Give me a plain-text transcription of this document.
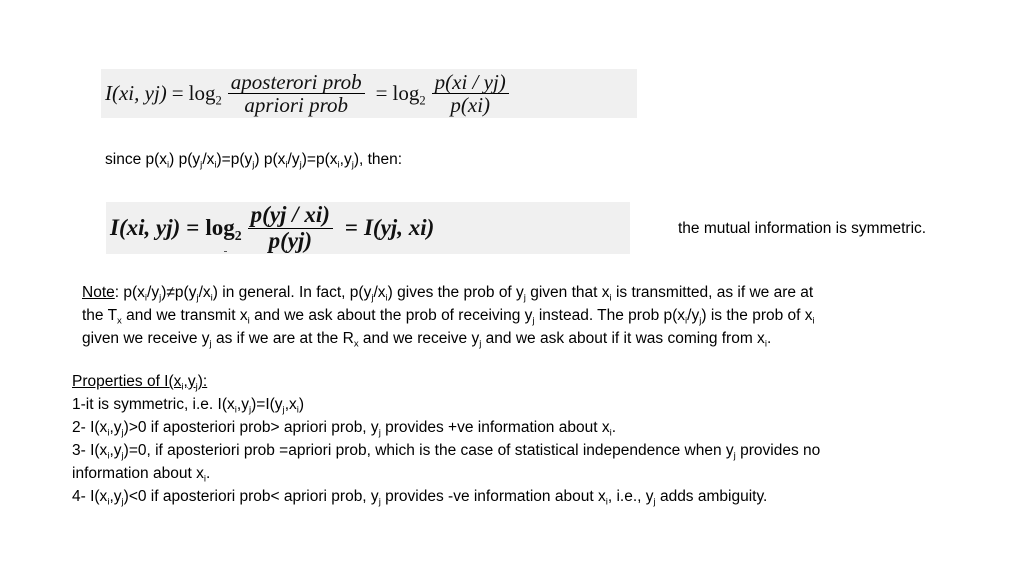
I(xi, $yj) = \log_2 \frac{\text{aposterori prob}}{\text{apriori prob}} = \log_2 \frac{p(xi / yj)}{p(xi)}$
since $p(x_i)$ $p(y_j/x_i)=p(y_j)$ $p(x_i/y_j)=p(x_i,y_j)$, then:
I(xi, $yj) = \log_2 \frac{p(yj / xi)}{p(yj)} = I(yj$, xi)	the mutual information is symmetric.
Note: $p(x_i/y_j)\ne p(y_j/x_i)$ in general. In fact, $p(y_j/x_i)$ gives the prob of $y_j$ given that $x_i$ is transmitted, as if we are at
the $T_x$ and we transmit $x_i$ and we ask about the prob of receiving $y_j$ instead. The prob $p(x_i/y_j)$ is the prob of $x_i$
given we receive $y_j$ as if we are at the $R_x$ and we receive $y_j$ and we ask about if it was coming from $x_i$.
Properties of $I(x_i,y_j)$:
1-it is symmetric, i.e. $I(x_i,y_j)=I(y_j,x_i)$
2- $I(x_i,y_j)>0$ if aposteriori prob> apriori prob, $y_j$ provides +ve information about $x_i$.
3- $I(x_i,y_j)=0$, if aposteriori prob =apriori prob, which is the case of statistical independence when $y_j$ provides no
information about $x_i$.
4- $I(x_i,y_j)<0$ if aposteriori prob< apriori prob, $y_j$ provides -ve information about $x_i$, i.e., $y_j$ adds ambiguity.
